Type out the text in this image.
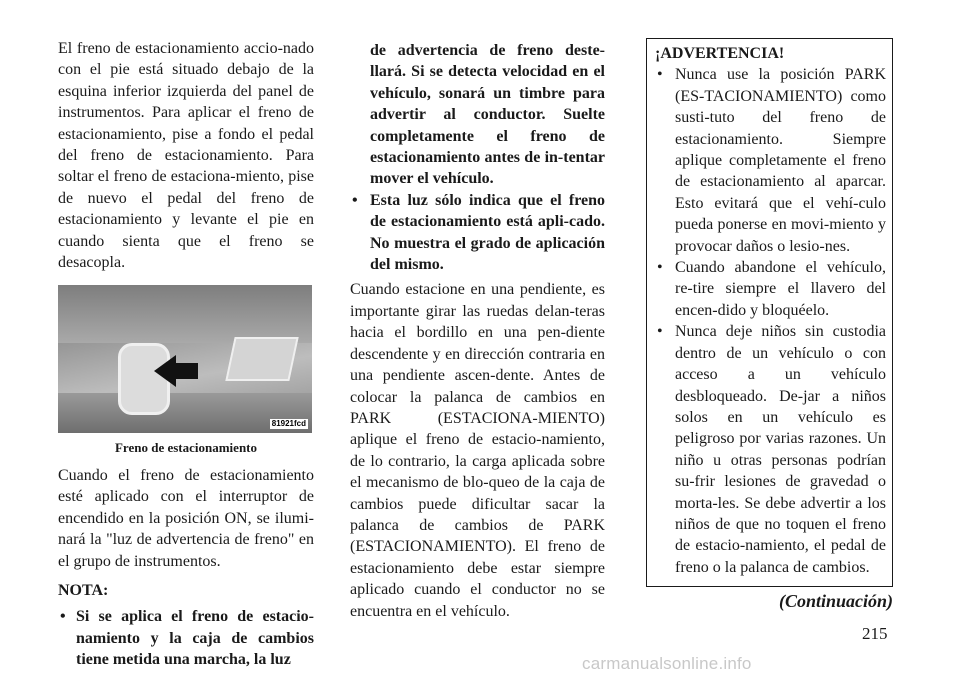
El freno de estacionamiento accio-nado con el pie está situado debajo de la esquina inferior izquierda del panel de instrumentos. Para aplicar el freno de estacionamiento, pise a fondo el pedal del freno de estacionamiento. Para soltar el freno de estaciona-miento, pise de nuevo el pedal del freno de estacionamiento y levante el pie en cuando sienta que el freno se desacopla.

81921fcd

Freno de estacionamiento

Cuando el freno de estacionamiento esté aplicado con el interruptor de encendido en la posición ON, se ilumi-nará la "luz de advertencia de freno" en el grupo de instrumentos.

NOTA:

• Si se aplica el freno de estacio-namiento y la caja de cambios tiene metida una marcha, la luz
de advertencia de freno deste-llará. Si se detecta velocidad en el vehículo, sonará un timbre para advertir al conductor. Suelte completamente el freno de estacionamiento antes de in-tentar mover el vehículo.
• Esta luz sólo indica que el freno de estacionamiento está apli-cado. No muestra el grado de aplicación del mismo.

Cuando estacione en una pendiente, es importante girar las ruedas delan-teras hacia el bordillo en una pen-diente descendente y en dirección contraria en una pendiente ascen-dente. Antes de colocar la palanca de cambios en PARK (ESTACIONA-MIENTO) aplique el freno de estacio-namiento, de lo contrario, la carga aplicada sobre el mecanismo de blo-queo de la caja de cambios puede dificultar sacar la palanca de cambios de PARK (ESTACIONAMIENTO). El freno de estacionamiento debe estar siempre aplicado cuando el conductor no se encuentra en el vehículo.

¡ADVERTENCIA!
• Nunca use la posición PARK (ES-TACIONAMIENTO) como susti-tuto del freno de estacionamiento. Siempre aplique completamente el freno de estacionamiento al aparcar. Esto evitará que el vehí-culo pueda ponerse en movi-miento y provocar daños o lesio-nes.
• Cuando abandone el vehículo, re-tire siempre el llavero del encen-dido y bloquéelo.
• Nunca deje niños sin custodia dentro de un vehículo o con acceso a un vehículo desbloqueado. De-jar a niños solos en un vehículo es peligroso por varias razones. Un niño u otras personas podrían su-frir lesiones de gravedad o morta-les. Se debe advertir a los niños de que no toquen el freno de estacio-namiento, el pedal de freno o la palanca de cambios.

(Continuación)

215
carmanualsonline.info
